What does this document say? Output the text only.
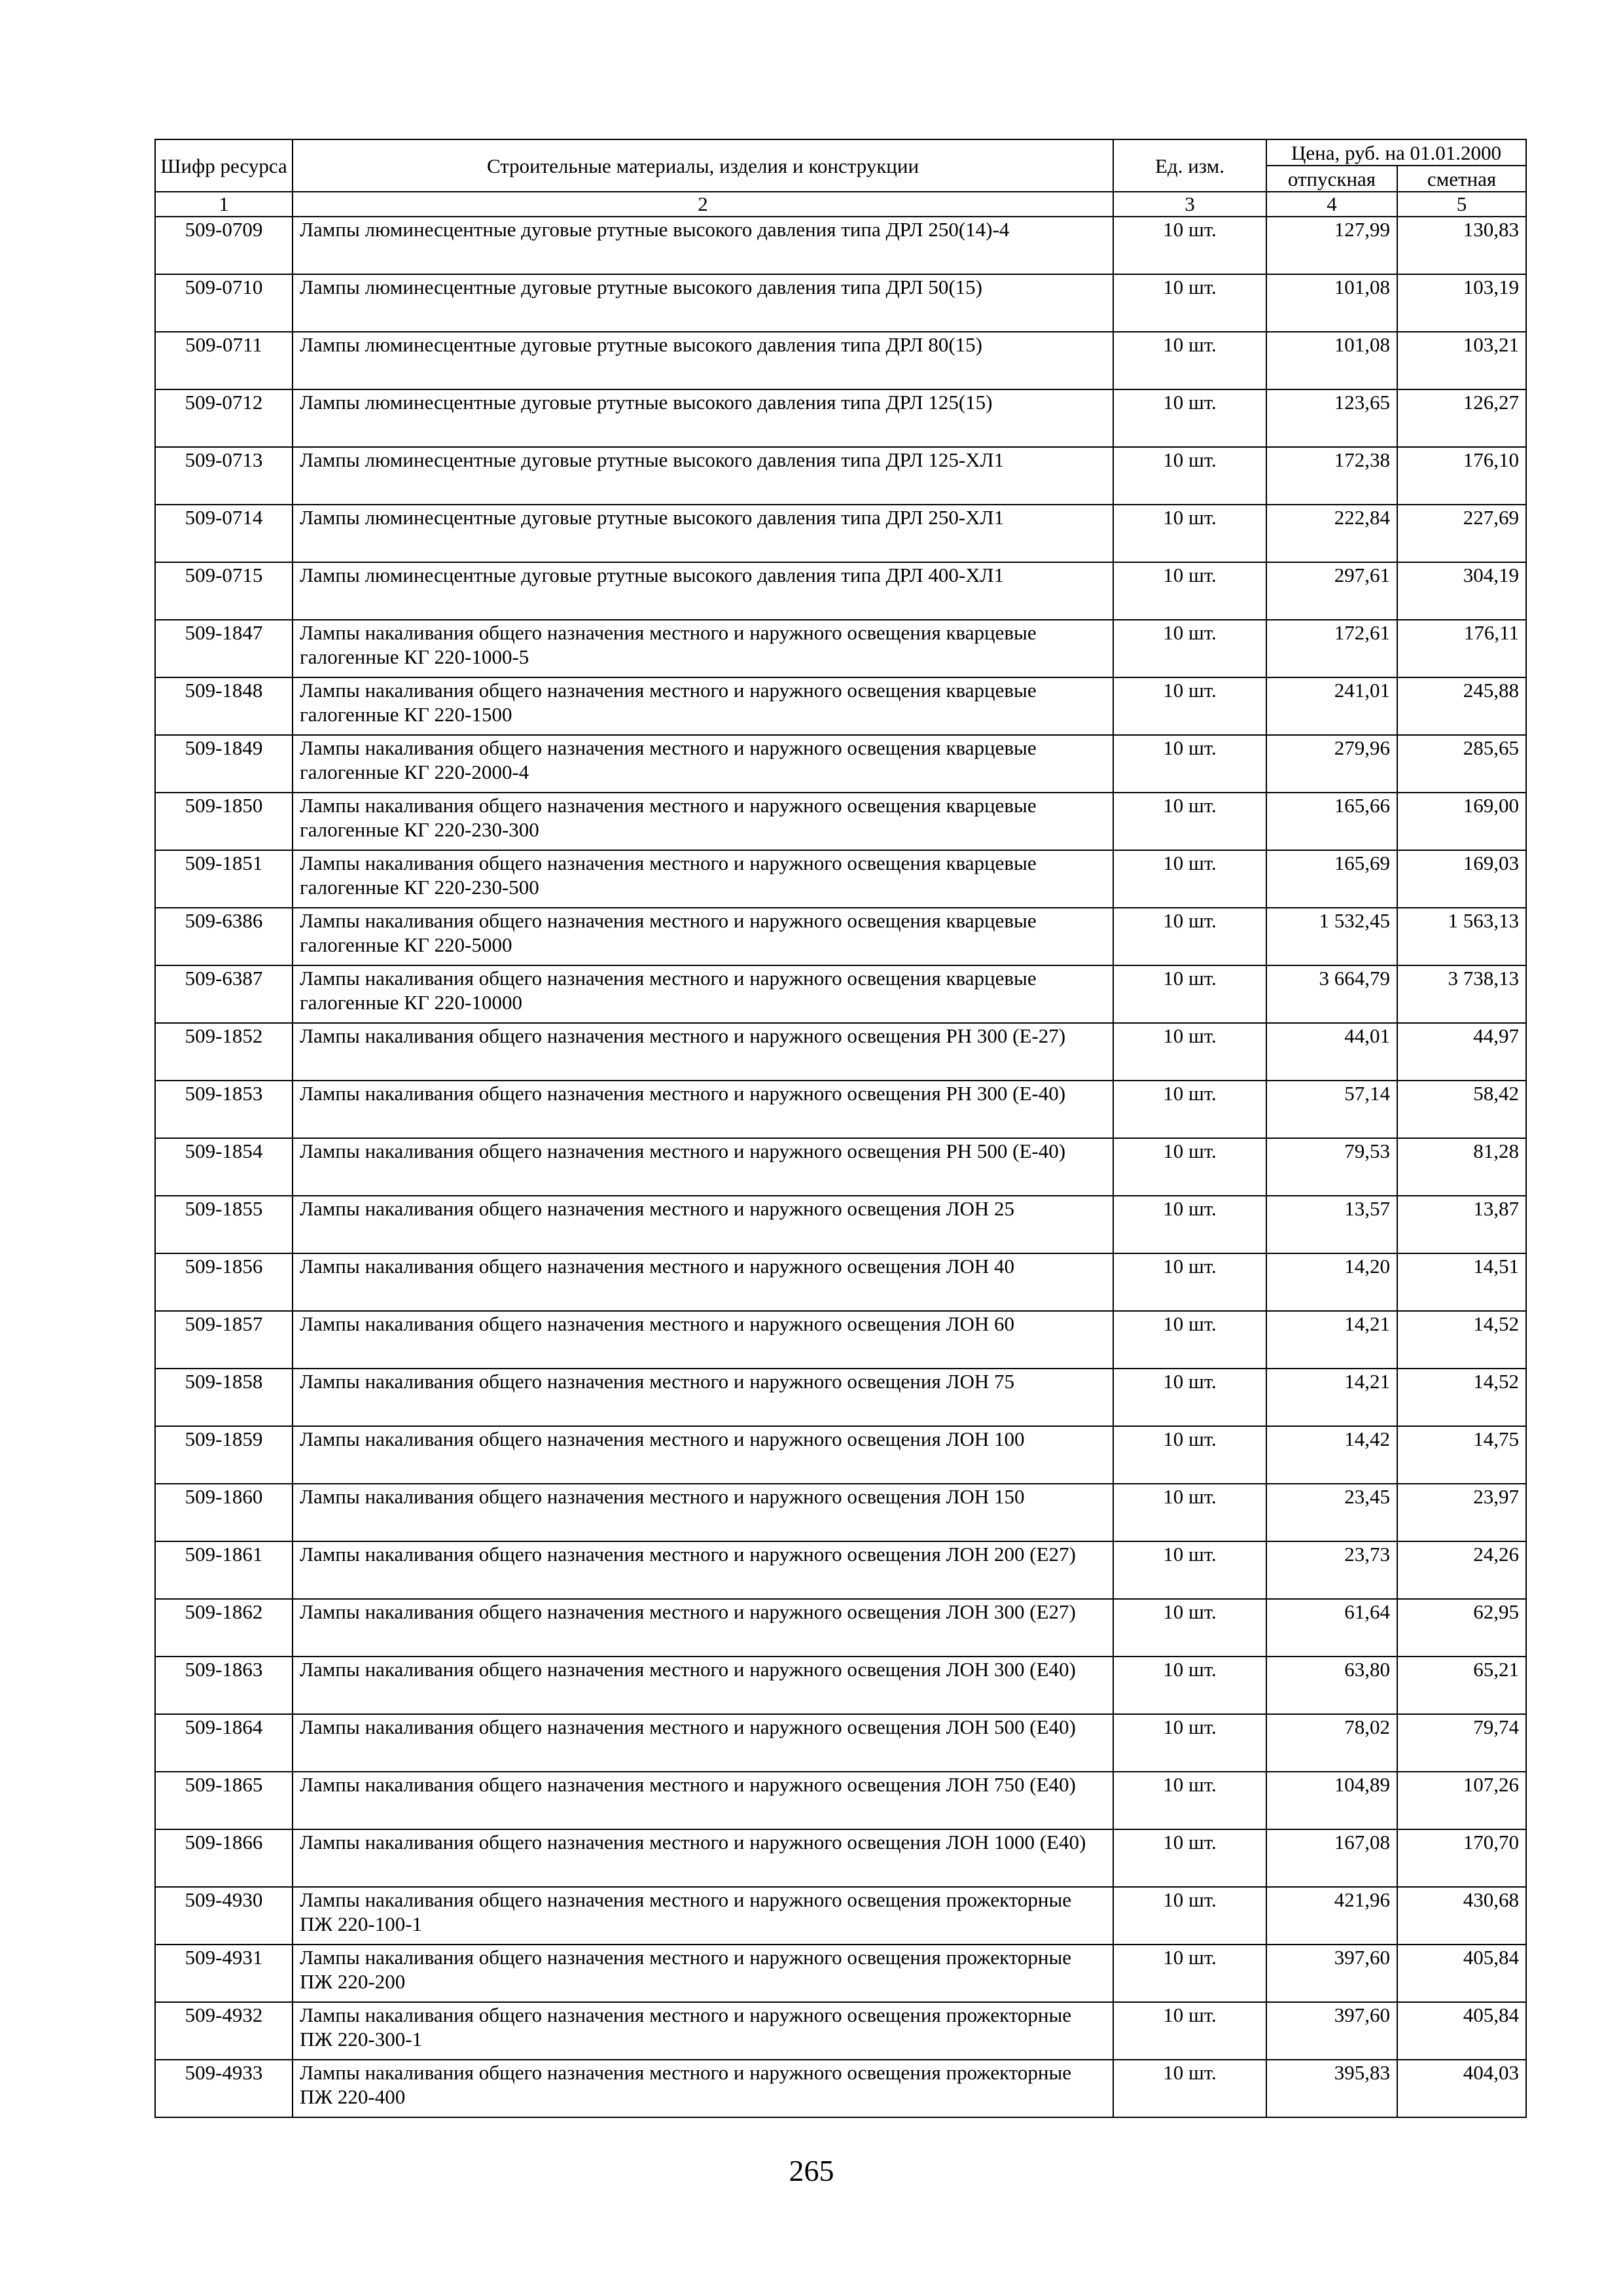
Шифр ресурса	Строительные материалы, изделия и конструкции	Ед. изм.	Цена, руб. на 01.01.2000	
			отпускная	сметная
1	2	3	4	5
509-0709	Лампы люминесцентные дуговые ртутные высокого давления типа ДРЛ 250(14)-4	10 шт.	127,99	130,83
509-0710	Лампы люминесцентные дуговые ртутные высокого давления типа ДРЛ 50(15)	10 шт.	101,08	103,19
509-0711	Лампы люминесцентные дуговые ртутные высокого давления типа ДРЛ 80(15)	10 шт.	101,08	103,21
509-0712	Лампы люминесцентные дуговые ртутные высокого давления типа ДРЛ 125(15)	10 шт.	123,65	126,27
509-0713	Лампы люминесцентные дуговые ртутные высокого давления типа ДРЛ 125-ХЛ1	10 шт.	172,38	176,10
509-0714	Лампы люминесцентные дуговые ртутные высокого давления типа ДРЛ 250-ХЛ1	10 шт.	222,84	227,69
509-0715	Лампы люминесцентные дуговые ртутные высокого давления типа ДРЛ 400-ХЛ1	10 шт.	297,61	304,19
509-1847	Лампы накаливания общего назначения местного и наружного освещения кварцевые галогенные КГ 220-1000-5	10 шт.	172,61	176,11
509-1848	Лампы накаливания общего назначения местного и наружного освещения кварцевые галогенные КГ 220-1500	10 шт.	241,01	245,88
509-1849	Лампы накаливания общего назначения местного и наружного освещения кварцевые галогенные КГ 220-2000-4	10 шт.	279,96	285,65
509-1850	Лампы накаливания общего назначения местного и наружного освещения кварцевые галогенные КГ 220-230-300	10 шт.	165,66	169,00
509-1851	Лампы накаливания общего назначения местного и наружного освещения кварцевые галогенные КГ 220-230-500	10 шт.	165,69	169,03
509-6386	Лампы накаливания общего назначения местного и наружного освещения кварцевые галогенные КГ 220-5000	10 шт.	1 532,45	1 563,13
509-6387	Лампы накаливания общего назначения местного и наружного освещения кварцевые галогенные КГ 220-10000	10 шт.	3 664,79	3 738,13
509-1852	Лампы накаливания общего назначения местного и наружного освещения РН 300 (Е-27)	10 шт.	44,01	44,97
509-1853	Лампы накаливания общего назначения местного и наружного освещения РН 300 (Е-40)	10 шт.	57,14	58,42
509-1854	Лампы накаливания общего назначения местного и наружного освещения РН 500 (Е-40)	10 шт.	79,53	81,28
509-1855	Лампы накаливания общего назначения местного и наружного освещения ЛОН 25	10 шт.	13,57	13,87
509-1856	Лампы накаливания общего назначения местного и наружного освещения ЛОН 40	10 шт.	14,20	14,51
509-1857	Лампы накаливания общего назначения местного и наружного освещения ЛОН 60	10 шт.	14,21	14,52
509-1858	Лампы накаливания общего назначения местного и наружного освещения ЛОН 75	10 шт.	14,21	14,52
509-1859	Лампы накаливания общего назначения местного и наружного освещения ЛОН 100	10 шт.	14,42	14,75
509-1860	Лампы накаливания общего назначения местного и наружного освещения ЛОН 150	10 шт.	23,45	23,97
509-1861	Лампы накаливания общего назначения местного и наружного освещения ЛОН 200 (Е27)	10 шт.	23,73	24,26
509-1862	Лампы накаливания общего назначения местного и наружного освещения ЛОН 300 (Е27)	10 шт.	61,64	62,95
509-1863	Лампы накаливания общего назначения местного и наружного освещения ЛОН 300 (Е40)	10 шт.	63,80	65,21
509-1864	Лампы накаливания общего назначения местного и наружного освещения ЛОН 500 (Е40)	10 шт.	78,02	79,74
509-1865	Лампы накаливания общего назначения местного и наружного освещения ЛОН 750 (Е40)	10 шт.	104,89	107,26
509-1866	Лампы накаливания общего назначения местного и наружного освещения ЛОН 1000 (Е40)	10 шт.	167,08	170,70
509-4930	Лампы накаливания общего назначения местного и наружного освещения прожекторные ПЖ 220-100-1	10 шт.	421,96	430,68
509-4931	Лампы накаливания общего назначения местного и наружного освещения прожекторные ПЖ 220-200	10 шт.	397,60	405,84
509-4932	Лампы накаливания общего назначения местного и наружного освещения прожекторные ПЖ 220-300-1	10 шт.	397,60	405,84
509-4933	Лампы накаливания общего назначения местного и наружного освещения прожекторные ПЖ 220-400	10 шт.	395,83	404,03
265
